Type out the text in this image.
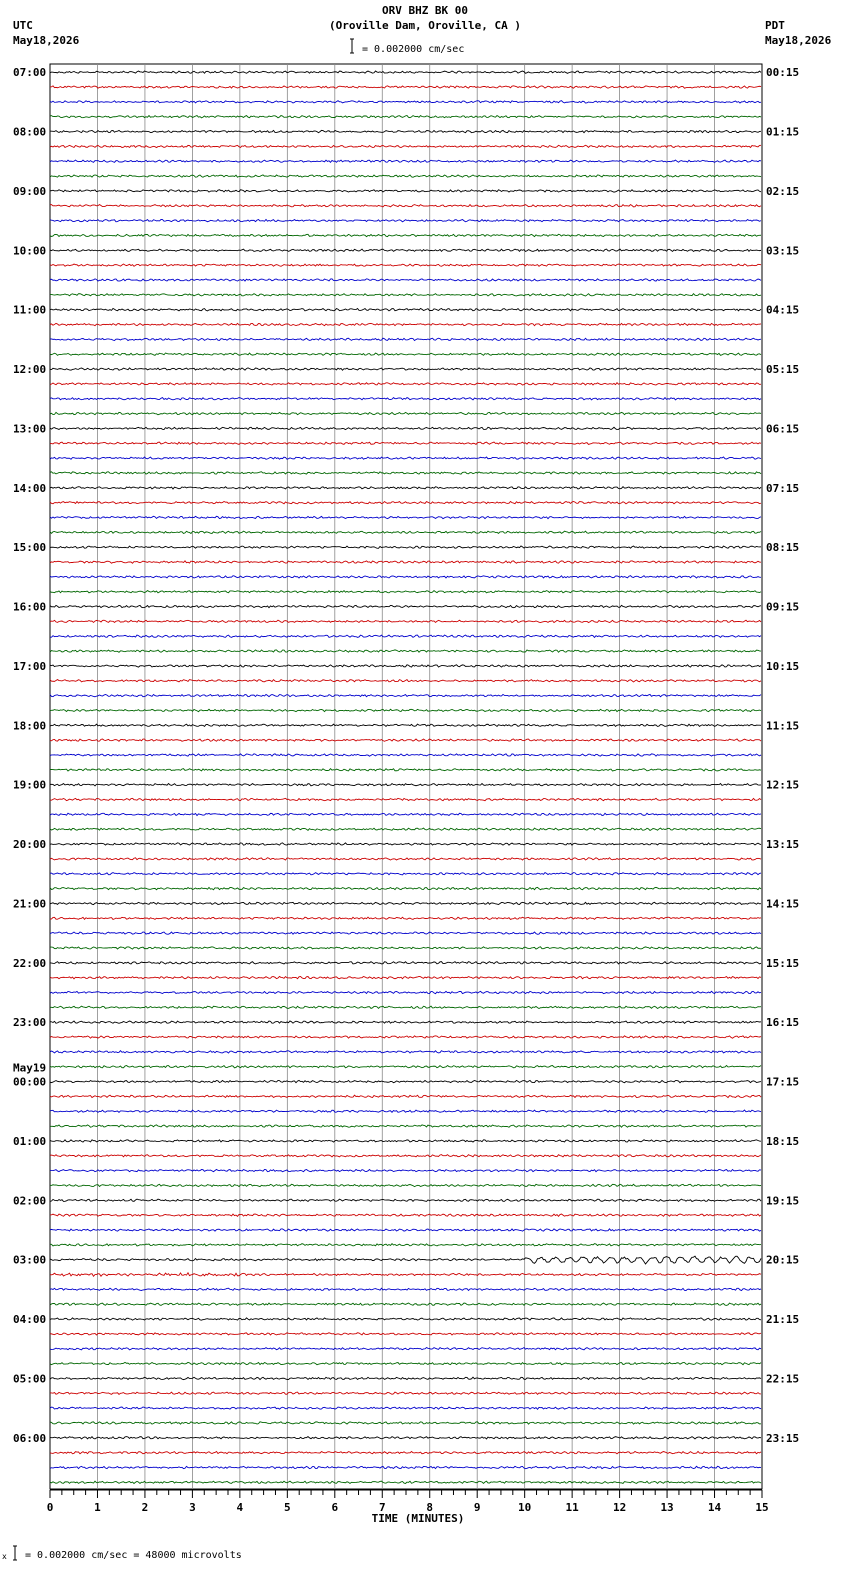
ORV BHZ BK 00
(Oroville Dam, Oroville, CA )
UTC
May18,2026
PDT
May18,2026
= 0.002000 cm/sec
= 0.002000 cm/sec = 48000 microvolts
x
07:00
08:00
09:00
10:00
11:00
12:00
13:00
14:00
15:00
16:00
17:00
18:00
19:00
20:00
21:00
22:00
23:00
00:00
01:00
02:00
03:00
04:00
05:00
06:00
May19
00:15
01:15
02:15
03:15
04:15
05:15
06:15
07:15
08:15
09:15
10:15
11:15
12:15
13:15
14:15
15:15
16:15
17:15
18:15
19:15
20:15
21:15
22:15
23:15
0	1	2	3	4	5	6	7	8	9	10	11	12	13	14	15
TIME (MINUTES)
